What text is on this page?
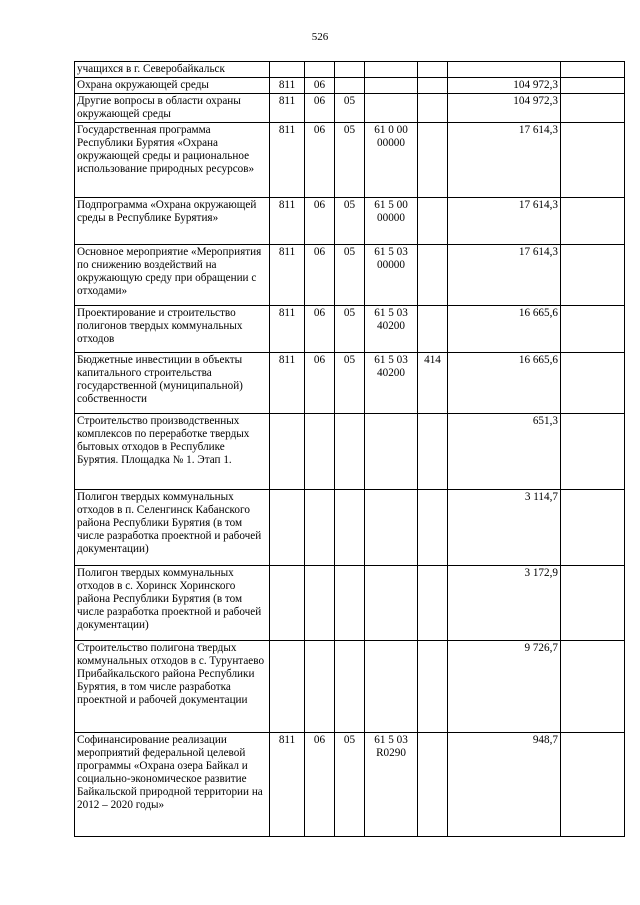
526
учащихся в г. Северобайкальск							
Охрана окружающей среды	811	06				104 972,3	
Другие вопросы в области охраны окружающей среды	811	06	05			104 972,3	
Государственная программа Республики Бурятия «Охрана окружающей среды и рациональное использование природных ресурсов»	811	06	05	61 0 00 00000		17 614,3	
Подпрограмма «Охрана окружающей среды в Республике Бурятия»	811	06	05	61 5 00 00000		17 614,3	
Основное мероприятие «Мероприятия по снижению воздействий на окружающую среду при обращении с отходами»	811	06	05	61 5 03 00000		17 614,3	
Проектирование и строительство полигонов твердых коммунальных отходов	811	06	05	61 5 03 40200		16 665,6	
Бюджетные инвестиции в объекты капитального строительства государственной (муниципальной) собственности	811	06	05	61 5 03 40200	414	16 665,6	
Строительство производственных комплексов по переработке твердых бытовых отходов в Республике Бурятия. Площадка № 1. Этап 1.						651,3	
Полигон твердых коммунальных отходов в п. Селенгинск Кабанского района Республики Бурятия (в том числе разработка проектной и рабочей документации)						3 114,7	
Полигон твердых коммунальных отходов в с. Хоринск Хоринского района Республики Бурятия (в том числе разработка проектной и рабочей документации)						3 172,9	
Строительство полигона твердых коммунальных отходов в с. Турунтаево Прибайкальского района Республики Бурятия, в том числе разработка проектной и рабочей документации						9 726,7	
Софинансирование реализации мероприятий федеральной целевой программы «Охрана озера Байкал и социально-экономическое развитие Байкальской природной территории на 2012 – 2020 годы»	811	06	05	61 5 03 R0290		948,7	
